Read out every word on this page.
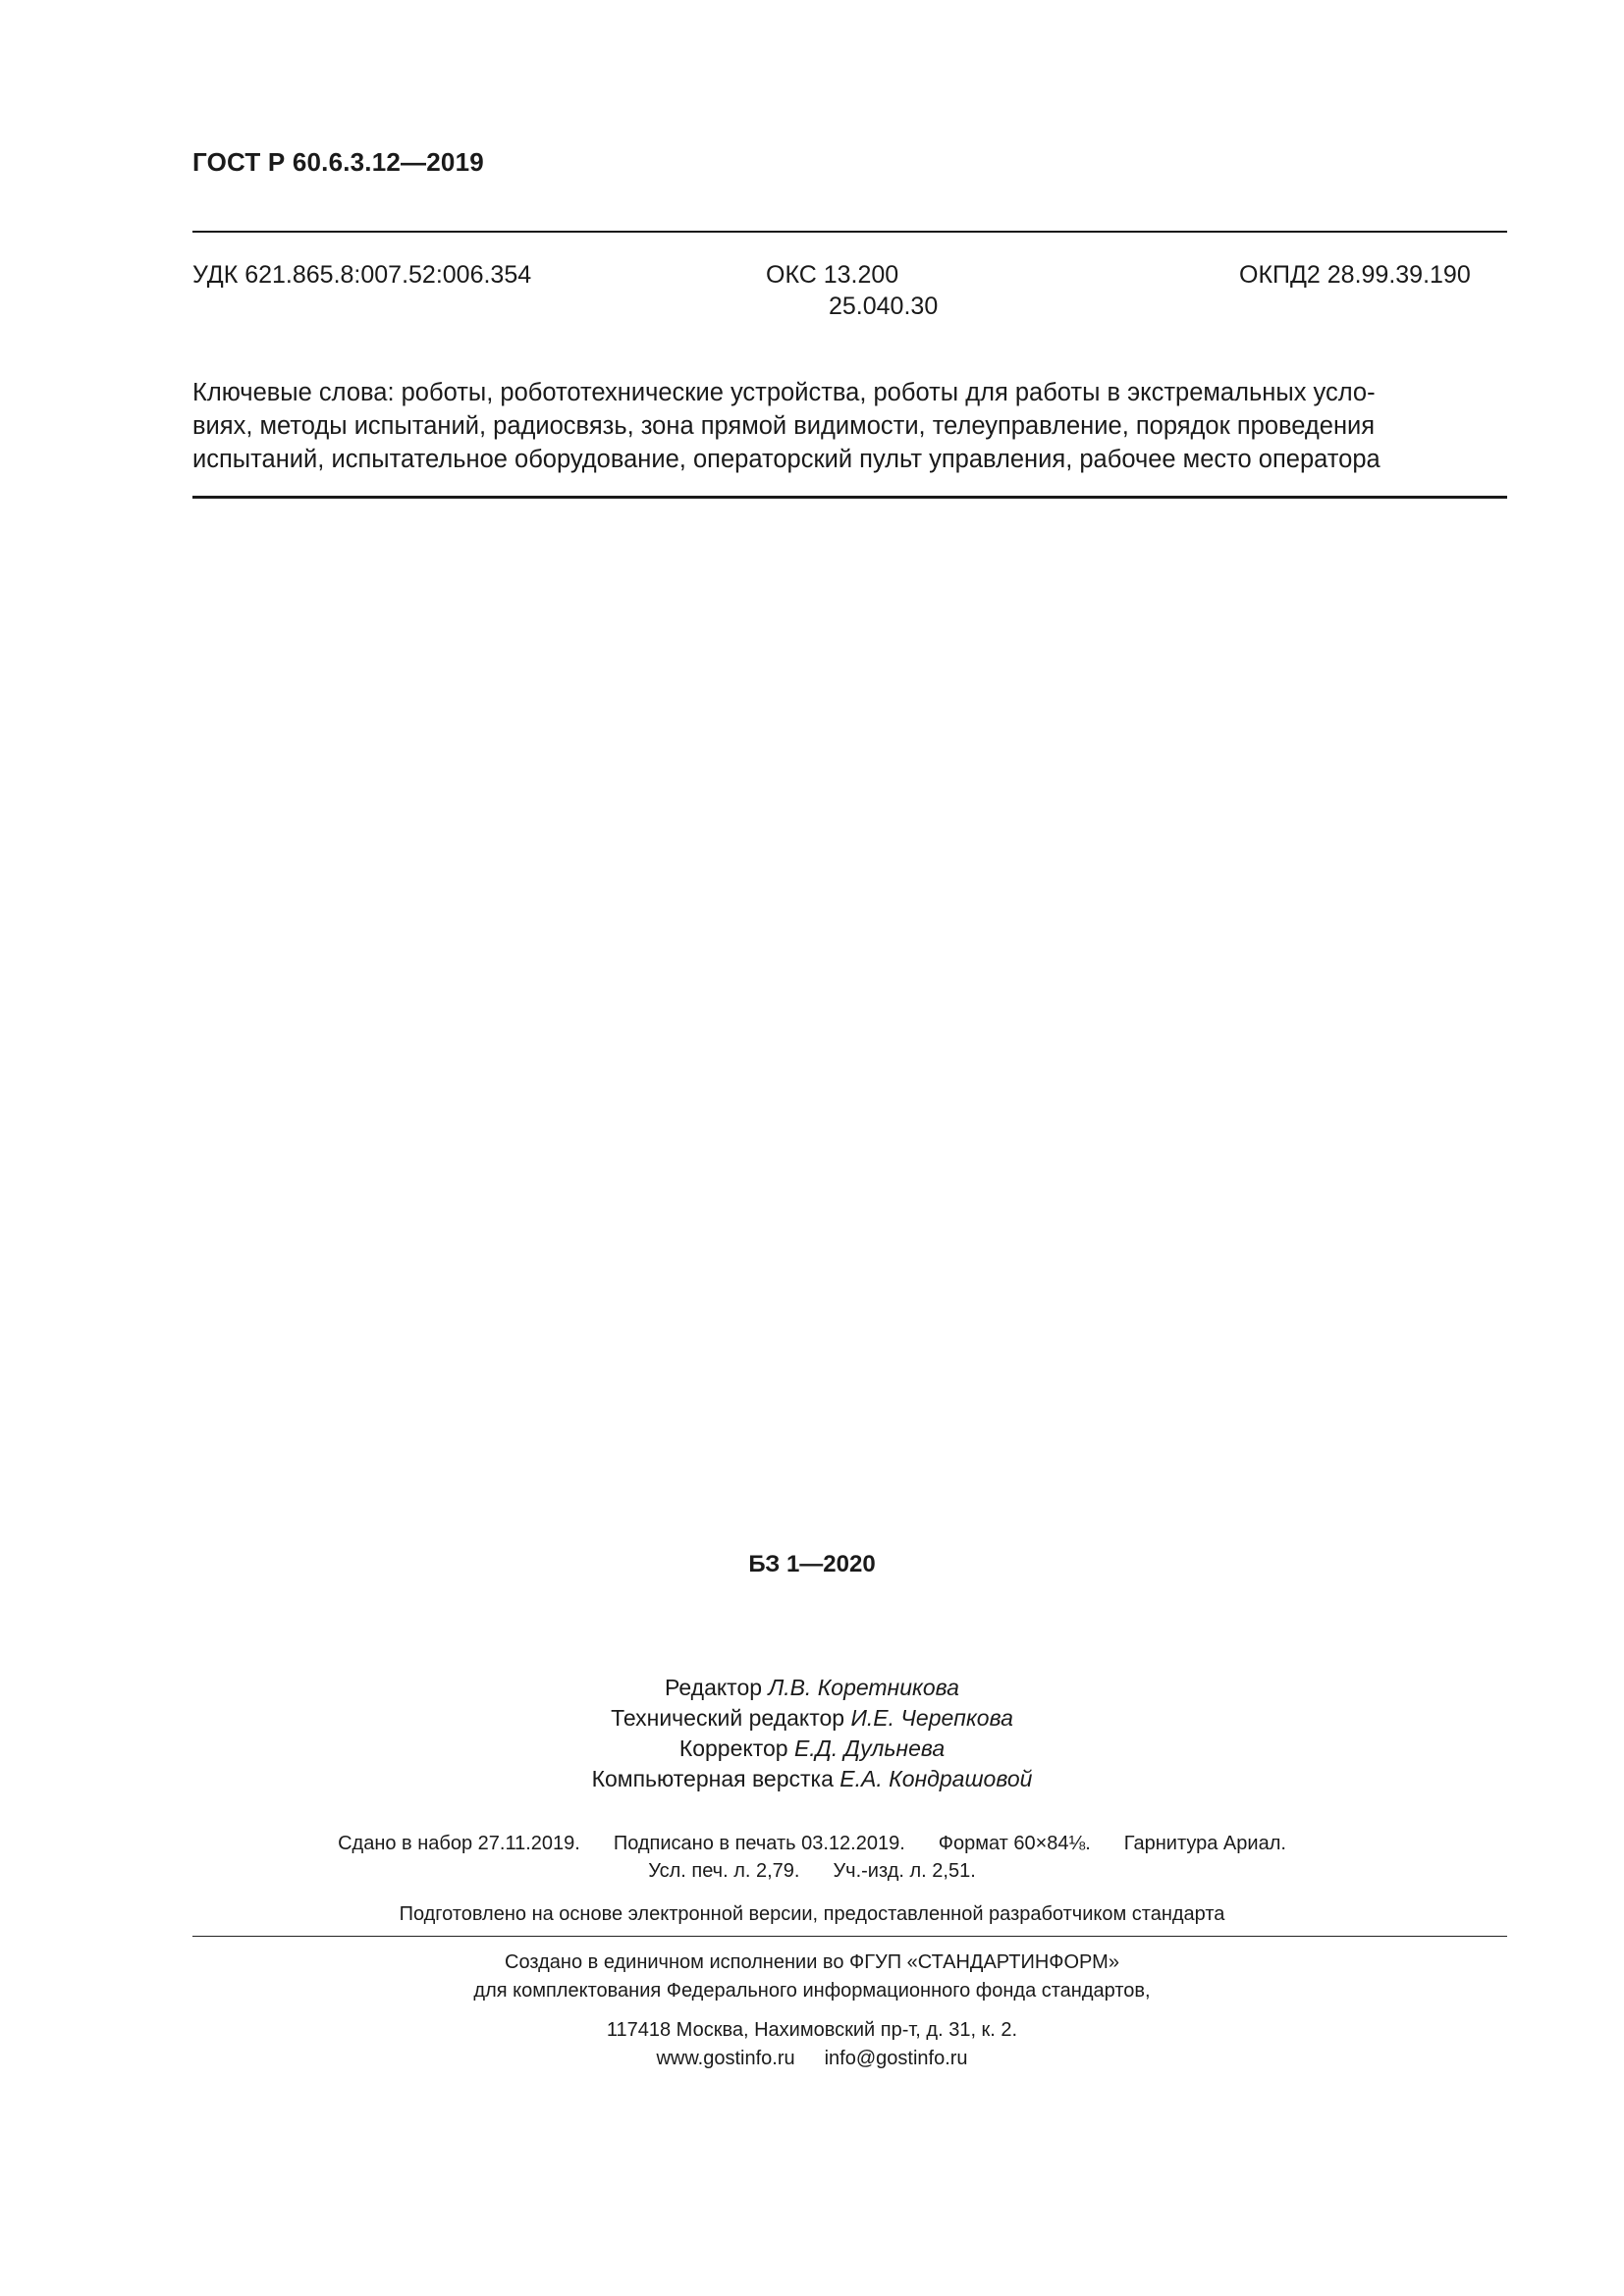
ГОСТ Р 60.6.3.12—2019
УДК 621.865.8:007.52:006.354	ОКС 13.200
25.040.30
ОКПД2 28.99.39.190
Ключевые слова: роботы, робототехнические устройства, роботы для работы в экстремальных усло-
виях, методы испытаний, радиосвязь, зона прямой видимости, телеуправление, порядок проведения
испытаний, испытательное оборудование, операторский пульт управления, рабочее место оператора
БЗ 1—2020
Редактор Л.В. Коретникова
Технический редактор И.Е. Черепкова
Корректор Е.Д. Дульнева
Компьютерная верстка Е.А. Кондрашовой
Сдано в набор 27.11.2019. Подписано в печать 03.12.2019. Формат 60×84⅛. Гарнитура Ариал.
Усл. печ. л. 2,79. Уч.-изд. л. 2,51.
Подготовлено на основе электронной версии, предоставленной разработчиком стандарта
Создано в единичном исполнении во ФГУП «СТАНДАРТИНФОРМ»
для комплектования Федерального информационного фонда стандартов,
117418 Москва, Нахимовский пр-т, д. 31, к. 2.
www.gostinfo.ru info@gostinfo.ru
